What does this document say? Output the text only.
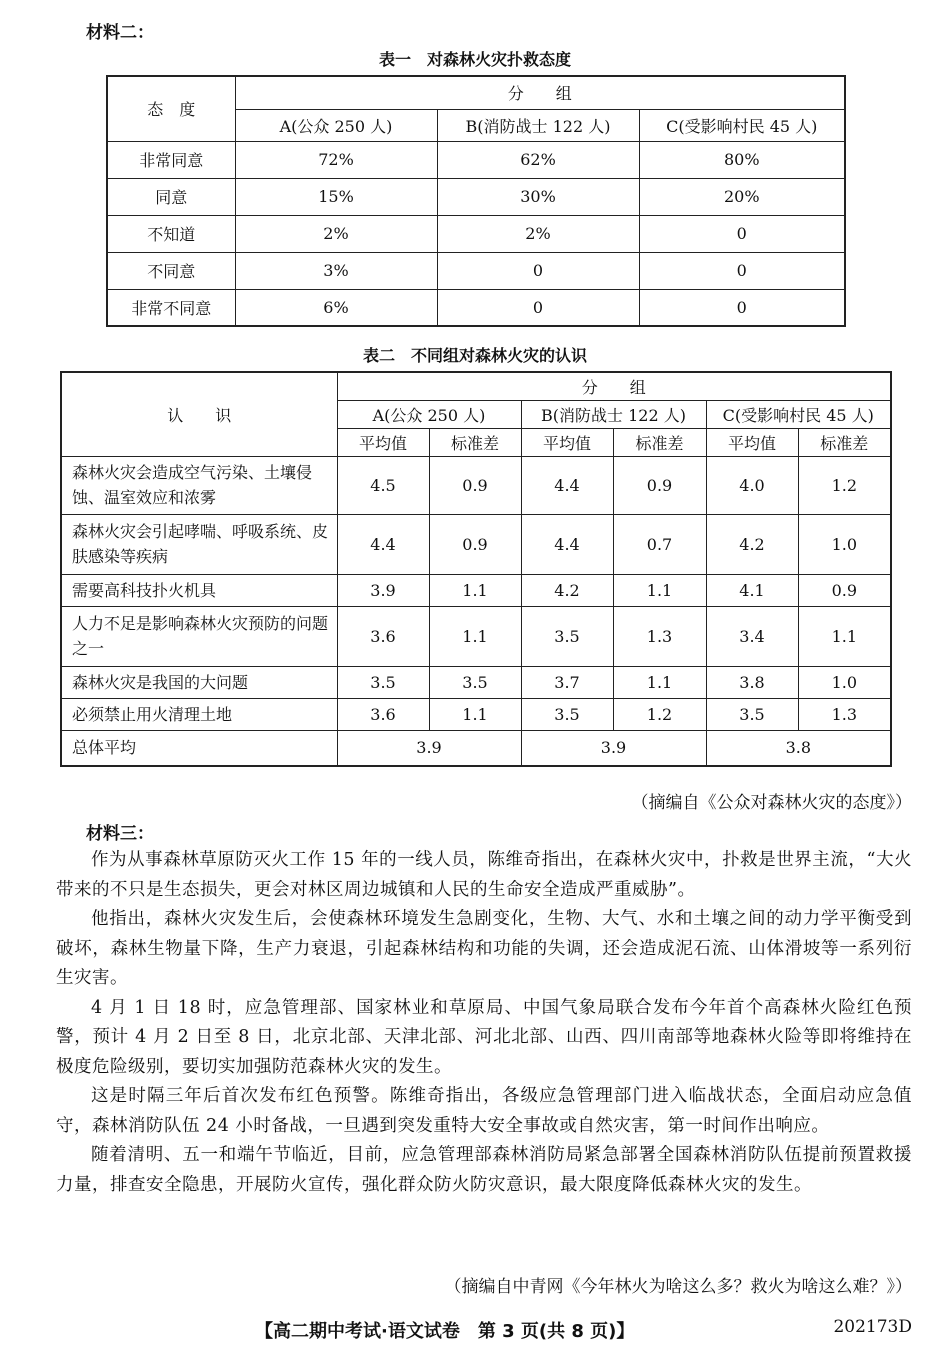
材料二：
表一　对森林火灾扑救态度
态　度	分　　组		
	A(公众 250 人)	B(消防战士 122 人)	C(受影响村民 45 人)
非常同意	72%	62%	80%
同意	15%	30%	20%
不知道	2%	2%	0
不同意	3%	0	0
非常不同意	6%	0	0
表二　不同组对森林火灾的认识
认　　识	分　　组					
	A(公众 250 人)		B(消防战士 122 人)		C(受影响村民 45 人)	
	平均值	标准差	平均值	标准差	平均值	标准差
森林火灾会造成空气污染、土壤侵蚀、温室效应和浓雾	4.5	0.9	4.4	0.9	4.0	1.2
森林火灾会引起哮喘、呼吸系统、皮肤感染等疾病	4.4	0.9	4.4	0.7	4.2	1.0
需要高科技扑火机具	3.9	1.1	4.2	1.1	4.1	0.9
人力不足是影响森林火灾预防的问题之一	3.6	1.1	3.5	1.3	3.4	1.1
森林火灾是我国的大问题	3.5	3.5	3.7	1.1	3.8	1.0
必须禁止用火清理土地	3.6	1.1	3.5	1.2	3.5	1.3
总体平均	3.9		3.9		3.8	
（摘编自《公众对森林火灾的态度》）
材料三：

作为从事森林草原防灭火工作 15 年的一线人员，陈维奇指出，在森林火灾中，扑救是世界主流，“大火带来的不只是生态损失，更会对林区周边城镇和人民的生命安全造成严重威胁”。

他指出，森林火灾发生后，会使森林环境发生急剧变化，生物、大气、水和土壤之间的动力学平衡受到破坏，森林生物量下降，生产力衰退，引起森林结构和功能的失调，还会造成泥石流、山体滑坡等一系列衍生灾害。

4 月 1 日 18 时，应急管理部、国家林业和草原局、中国气象局联合发布今年首个高森林火险红色预警，预计 4 月 2 日至 8 日，北京北部、天津北部、河北北部、山西、四川南部等地森林火险等即将维持在极度危险级别，要切实加强防范森林火灾的发生。

这是时隔三年后首次发布红色预警。陈维奇指出，各级应急管理部门进入临战状态，全面启动应急值守，森林消防队伍 24 小时备战，一旦遇到突发重特大安全事故或自然灾害，第一时间作出响应。

随着清明、五一和端午节临近，目前，应急管理部森林消防局紧急部署全国森林消防队伍提前预置救援力量，排查安全隐患，开展防火宣传，强化群众防火防灾意识，最大限度降低森林火灾的发生。

（摘编自中青网《今年林火为啥这么多？救火为啥这么难？》）
【高二期中考试·语文试卷　第 3 页(共 8 页)】	202173D
